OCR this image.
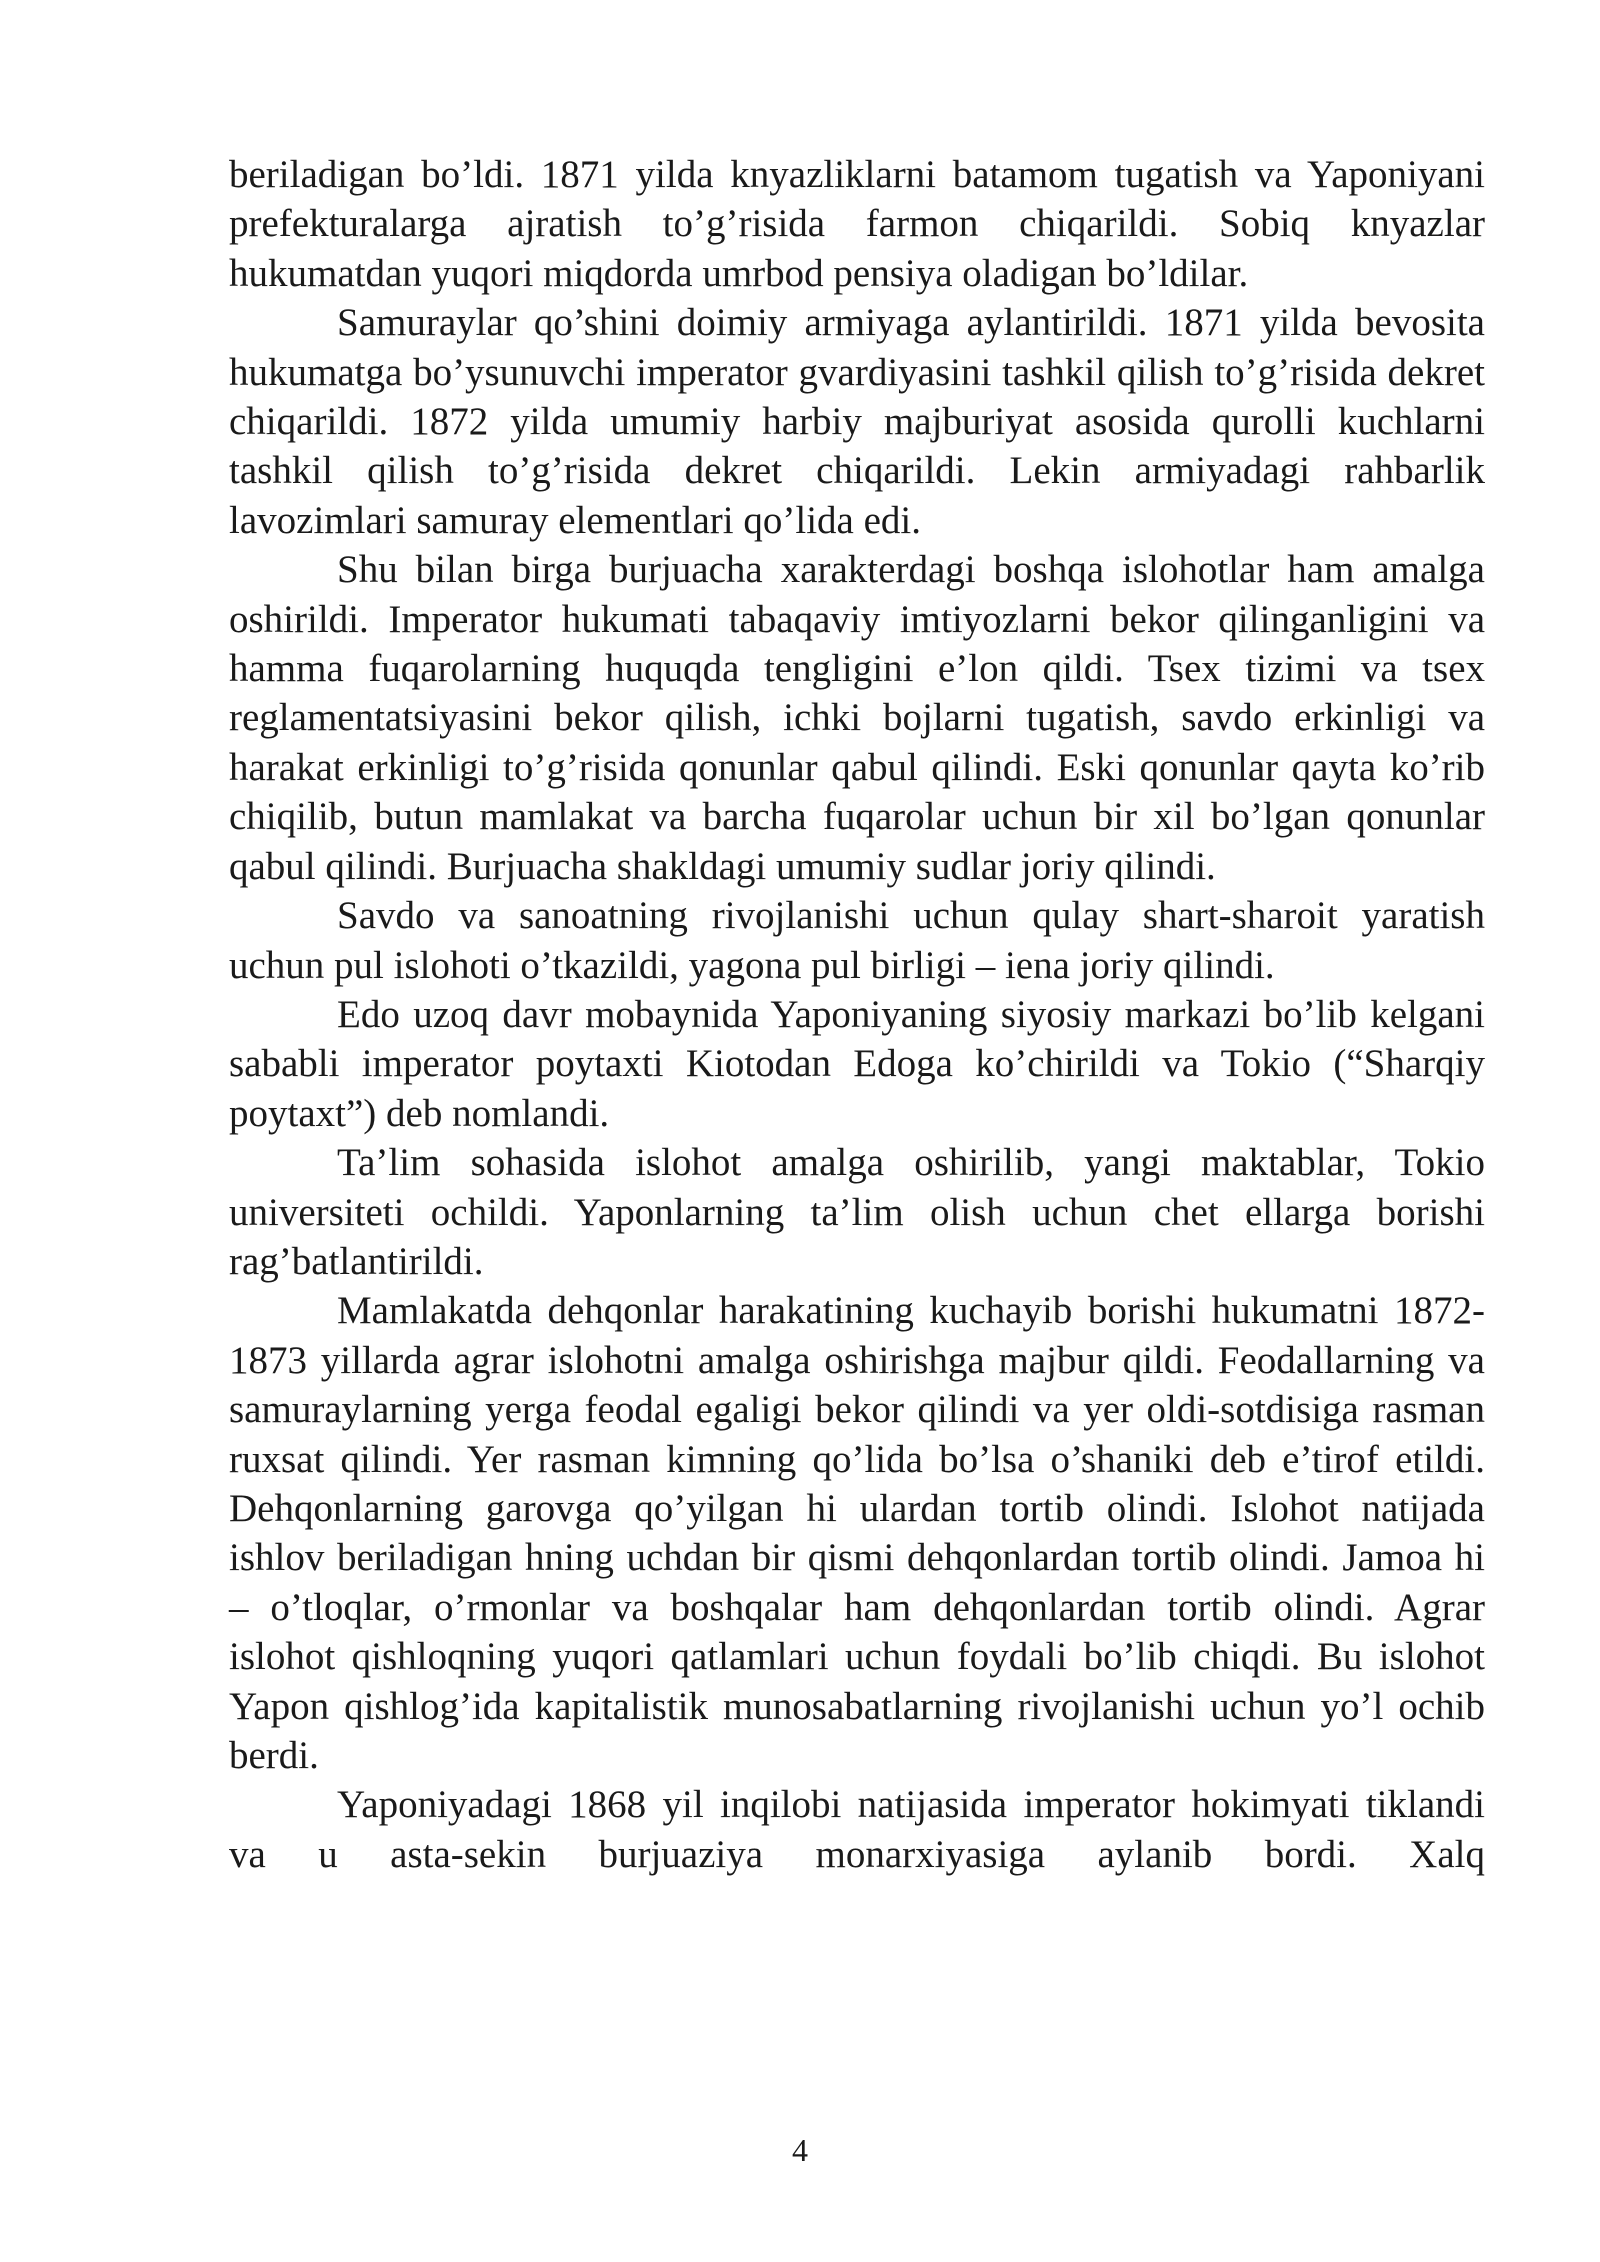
beriladigan bo’ldi. 1871 yilda knyazliklarni batamom tugatish va Yaponiyani prefekturalarga ajratish to’g’risida farmon chiqarildi. Sobiq knyazlar hukumatdan yuqori miqdorda umrbod pensiya oladigan bo’ldilar.

Samuraylar qo’shini doimiy armiyaga aylantirildi. 1871 yilda bevosita hukumatga bo’ysunuvchi imperator gvardiyasini tashkil qilish to’g’risida dekret chiqarildi. 1872 yilda umumiy harbiy majburiyat asosida qurolli kuchlarni tashkil qilish to’g’risida dekret chiqarildi. Lekin armiyadagi rahbarlik lavozimlari samuray elementlari qo’lida edi.

Shu bilan birga burjuacha xarakterdagi boshqa islohotlar ham amalga oshirildi. Imperator hukumati tabaqaviy imtiyozlarni bekor qilinganligini va hamma fuqarolarning huquqda tengligini e’lon qildi. Tsex tizimi va tsex reglamentatsiyasini bekor qilish, ichki bojlarni tugatish, savdo erkinligi va harakat erkinligi to’g’risida qonunlar qabul qilindi. Eski qonunlar qayta ko’rib chiqilib, butun mamlakat va barcha fuqarolar uchun bir xil bo’lgan qonunlar qabul qilindi. Burjuacha shakldagi umumiy sudlar joriy qilindi.

Savdo va sanoatning rivojlanishi uchun qulay shart-sharoit yaratish uchun pul islohoti o’tkazildi, yagona pul birligi – iena joriy qilindi.

Edo uzoq davr mobaynida Yaponiyaning siyosiy markazi bo’lib kelgani sababli imperator poytaxti Kiotodan Edoga ko’chirildi va Tokio (“Sharqiy poytaxt”) deb nomlandi.

Ta’lim sohasida islohot amalga oshirilib, yangi maktablar, Tokio universiteti ochildi. Yaponlarning ta’lim olish uchun chet ellarga borishi rag’batlantirildi.

Mamlakatda dehqonlar harakatining kuchayib borishi hukumatni 1872-1873 yillarda agrar islohotni amalga oshirishga majbur qildi. Feodallarning va samuraylarning yerga feodal egaligi bekor qilindi va yer oldi-sotdisiga rasman ruxsat qilindi. Yer rasman kimning qo’lida bo’lsa o’shaniki deb e’tirof etildi. Dehqonlarning garovga qo’yilgan hi ulardan tortib olindi. Islohot natijada ishlov beriladigan hning uchdan bir qismi dehqonlardan tortib olindi. Jamoa hi – o’tloqlar, o’rmonlar va boshqalar ham dehqonlardan tortib olindi. Agrar islohot qishloqning yuqori qatlamlari uchun foydali bo’lib chiqdi. Bu islohot Yapon qishlog’ida kapitalistik munosabatlarning rivojlanishi uchun yo’l ochib berdi.

Yaponiyadagi 1868 yil inqilobi natijasida imperator hokimyati tiklandi va u asta-sekin burjuaziya monarxiyasiga aylanib bordi. Xalq

4
